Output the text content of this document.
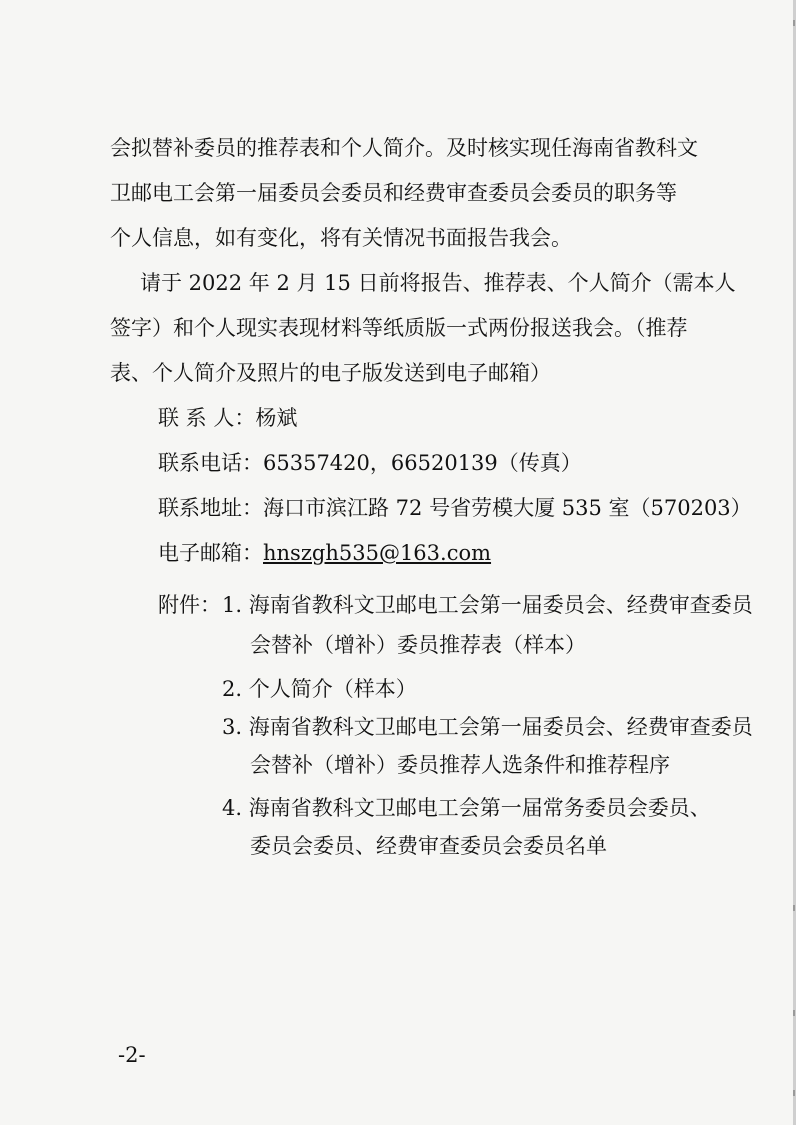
会拟替补委员的推荐表和个人简介。及时核实现任海南省教科文
卫邮电工会第一届委员会委员和经费审查委员会委员的职务等
个人信息，如有变化，将有关情况书面报告我会。
请于 2022 年 2 月 15 日前将报告、推荐表、个人简介（需本人
签字）和个人现实表现材料等纸质版一式两份报送我会。（推荐
表、个人简介及照片的电子版发送到电子邮箱）
联 系 人：杨斌
联系电话：65357420，66520139（传真）
联系地址：海口市滨江路 72 号省劳模大厦 535 室（570203）
电子邮箱：hnszgh535@163.com
附件： 1. 海南省教科文卫邮电工会第一届委员会、经费审查委员
会替补（增补）委员推荐表（样本）
2. 个人简介（样本）
3. 海南省教科文卫邮电工会第一届委员会、经费审查委员
会替补（增补）委员推荐人选条件和推荐程序
4. 海南省教科文卫邮电工会第一届常务委员会委员、
委员会委员、经费审查委员会委员名单
-2-
